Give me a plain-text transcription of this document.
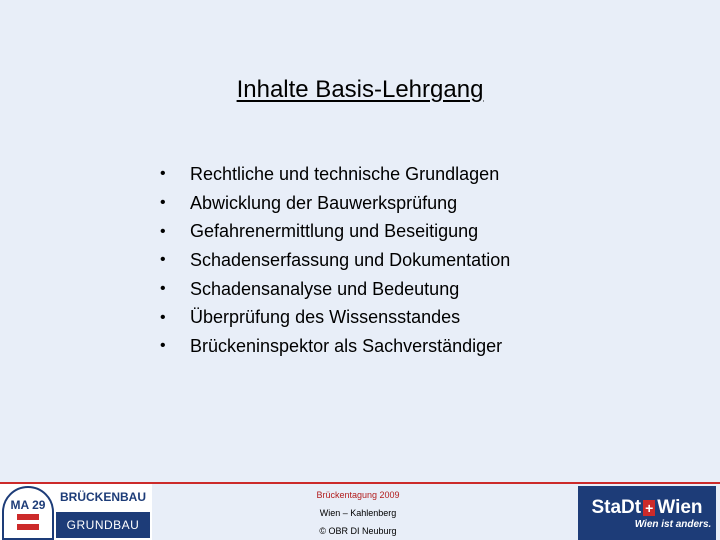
Inhalte Basis-Lehrgang
•	Rechtliche und technische Grundlagen
•	Abwicklung der Bauwerksprüfung
•	Gefahrenermittlung und Beseitigung
•	Schadenserfassung und Dokumentation
•	Schadensanalyse und Bedeutung
•	Überprüfung des Wissensstandes
•	Brückeninspektor als Sachverständiger
MA 29
BRÜCKENBAU
GRUNDBAU
Brückentagung 2009
Wien – Kahlenberg
© OBR DI Neuburg
StaDt + Wien
Wien ist anders.
